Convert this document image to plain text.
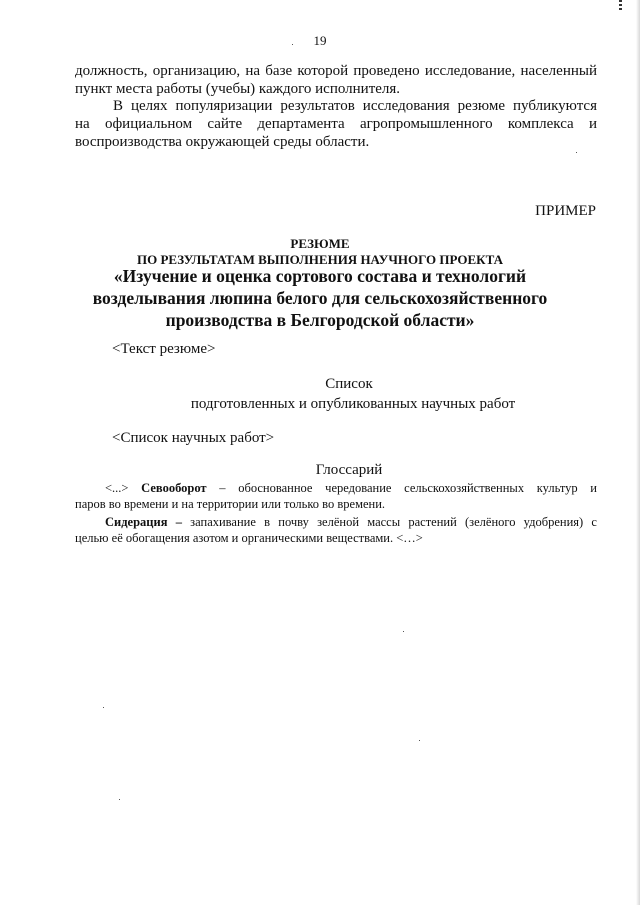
19
должность, организацию, на базе которой проведено исследование, населенный
пункт места работы (учебы) каждого исполнителя.
В целях популяризации результатов исследования резюме публикуются
на официальном сайте департамента агропромышленного комплекса и
воспроизводства окружающей среды области.
ПРИМЕР
РЕЗЮМЕ
ПО РЕЗУЛЬТАТАМ ВЫПОЛНЕНИЯ НАУЧНОГО ПРОЕКТА
«Изучение и оценка сортового состава и технологий
возделывания люпина белого для сельскохозяйственного
производства в Белгородской области»
<Текст резюме>
Список
подготовленных и опубликованных научных работ
<Список научных работ>
Глоссарий
<...> Севооборот – обоснованное чередование сельскохозяйственных культур и
паров во времени и на территории или только во времени.
Сидерация – запахивание в почву зелёной массы растений (зелёного удобрения) с
целью её обогащения азотом и органическими веществами. <…>
